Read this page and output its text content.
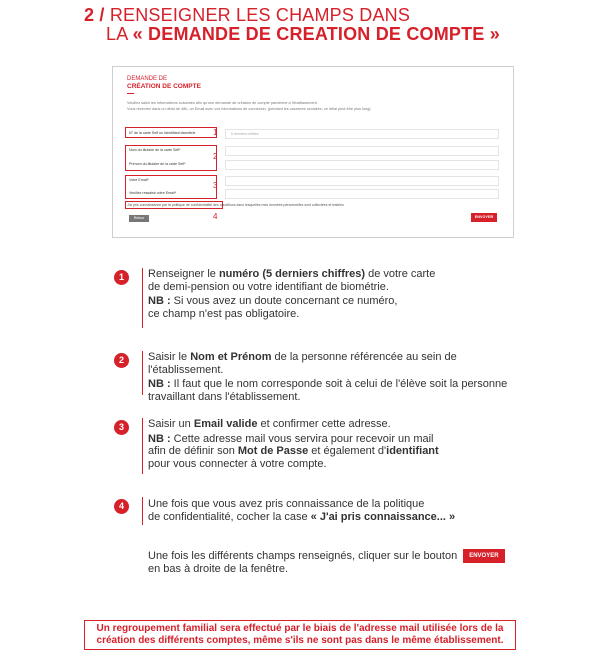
2 / RENSEIGNER LES CHAMPS DANS
LA « DEMANDE DE CREATION DE COMPTE »
DEMANDE DE
CRÉATION DE COMPTE
Veuillez saisir les informations suivantes afin qu'une demande de création de compte parvienne à l'établissement.
Vous recevrez dans un délai de 48h, un Email avec vos informations de connexion. (pendant les vacances scolaires, ce délai peut être plus long)
N° de la carte Self ou Identifiant biométrie 1	5 derniers chiffres
Nom du titulaire de la carte Self*
Prénom du titulaire de la carte Self*
2
Votre Email*
Veuillez ressaisir votre Email*
3
J'ai pris connaissance par la politique de confidentialité des conditions dans lesquelles mes données personnelles sont collectées et traitées
4
Retour	ENVOYER
1	Renseigner le numéro (5 derniers chiffres) de votre carte

de demi-pension ou votre identifiant de biométrie.

NB : Si vous avez un doute concernant ce numéro,

ce champ n'est pas obligatoire.

2	Saisir le Nom et Prénom de la personne référencée au sein de l'établissement.

NB : Il faut que le nom corresponde soit à celui de l'élève soit la personne

travaillant dans l'établissement.

3	Saisir un Email valide et confirmer cette adresse.

NB : Cette adresse mail vous servira pour recevoir un mail

afin de définir son Mot de Passe et également d'identifiant

pour vous connecter à votre compte.

4	Une fois que vous avez pris connaissance de la politique

de confidentialité, cocher la case « J'ai pris connaissance... »

Une fois les différents champs renseignés, cliquer sur le bouton ENVOYER
en bas à droite de la fenêtre.
Un regroupement familial sera effectué par le biais de l'adresse mail utilisée lors de la
création des différents comptes, même s'ils ne sont pas dans le même établissement.
